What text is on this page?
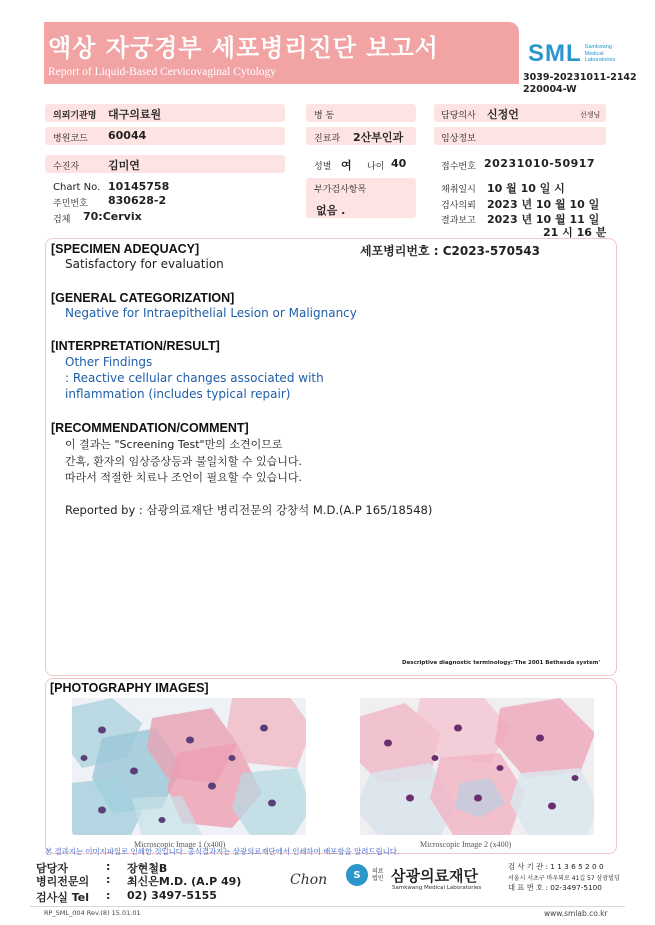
액상 자궁경부 세포병리진단 보고서
Report of Liquid-Based Cervicovaginal Cytology
SML Samkwang Medical Laboratories
3039-20231011-2142
220004-W
의뢰기관명 대구의료원	병 동	담당의사 신정언	선생님
병원코드 60044	진료과 2산부인과	임상정보
수진자	김미연	성별 여 나이 40	접수번호 20231010-50917
Chart No. 10145758
주민번호 830628-2
검체 70:Cervix
부가검사항목
없음 .
채취일시 10 월 10 일 시
검사의뢰 2023 년 10 월 10 일
결과보고 2023 년 10 월 11 일
21 시 16 분
세포병리번호 : C2023-570543
[SPECIMEN ADEQUACY]
Satisfactory for evaluation
[GENERAL CATEGORIZATION]
Negative for Intraepithelial Lesion or Malignancy
[INTERPRETATION/RESULT]
Other Findings
: Reactive cellular changes associated with
inflammation (includes typical repair)
[RECOMMENDATION/COMMENT]
이 결과는 "Screening Test"만의 소견이므로
간혹, 환자의 임상증상등과 불일치할 수 있습니다.
따라서 적절한 치료나 조언이 필요할 수 있습니다.
Reported by : 삼광의료재단 병리전문의 강창석 M.D.(A.P 165/18548)
Descriptive diagnostic terminology:'The 2001 Bethesda system'
[PHOTOGRAPHY IMAGES]
Microscopic Image 1 (x400)	Microscopic Image 2 (x400)
본 결과지는 이미지파일로 인쇄한 것입니다. 공식결과지는 삼광의료재단에서 인쇄하여 배포함을 알려드립니다.
담당자	: 장현철B
병리전문의 : 최신은M.D. (A.P 49)
검사실 Tel : 02) 3497-5155
Chon	S	의료 법인 삼광의료재단
Samkwang Medical Laboratories
검 사 기 관 : 1 1 3 6 5 2 0 0
서울시 서초구 바우뫼로 41길 57 삼광빌딩
대 표 번 호 : 02-3497-5100
RP_SML_004 Rev.(8) 15.01.01	www.smlab.co.kr
